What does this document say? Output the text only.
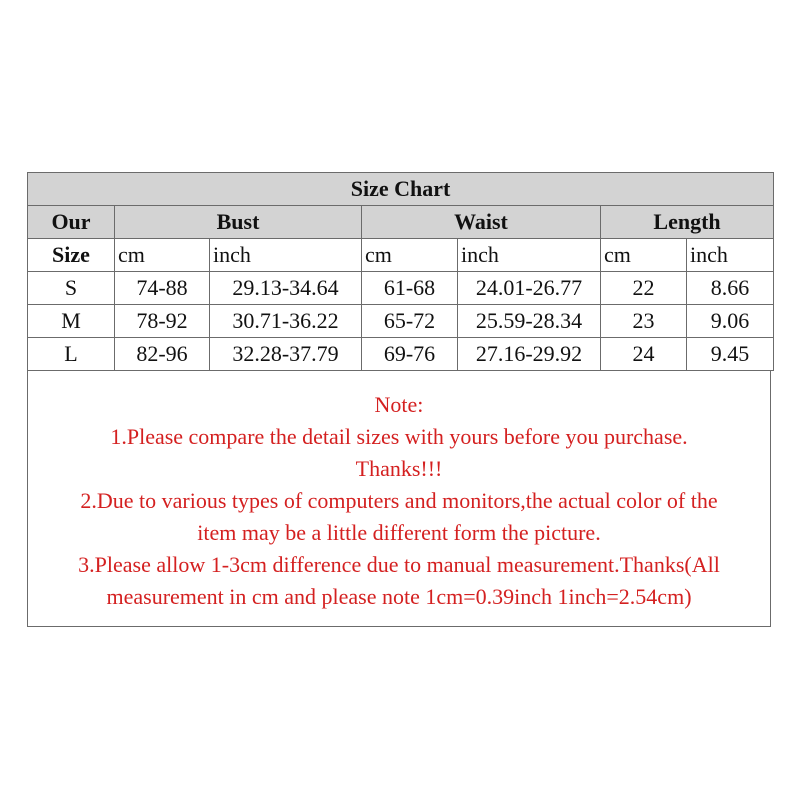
Size Chart						
Our	Bust		Waist		Length	
Size	cm	inch	cm	inch	cm	inch
S	74-88	29.13-34.64	61-68	24.01-26.77	22	8.66
M	78-92	30.71-36.22	65-72	25.59-28.34	23	9.06
L	82-96	32.28-37.79	69-76	27.16-29.92	24	9.45
Note:
1.Please compare the detail sizes with yours before you purchase.
Thanks!!!
2.Due to various types of computers and monitors,the actual color of the
item may be a little different form the picture.
3.Please allow 1-3cm difference due to manual measurement.Thanks(All
measurement in cm and please note 1cm=0.39inch 1inch=2.54cm)
